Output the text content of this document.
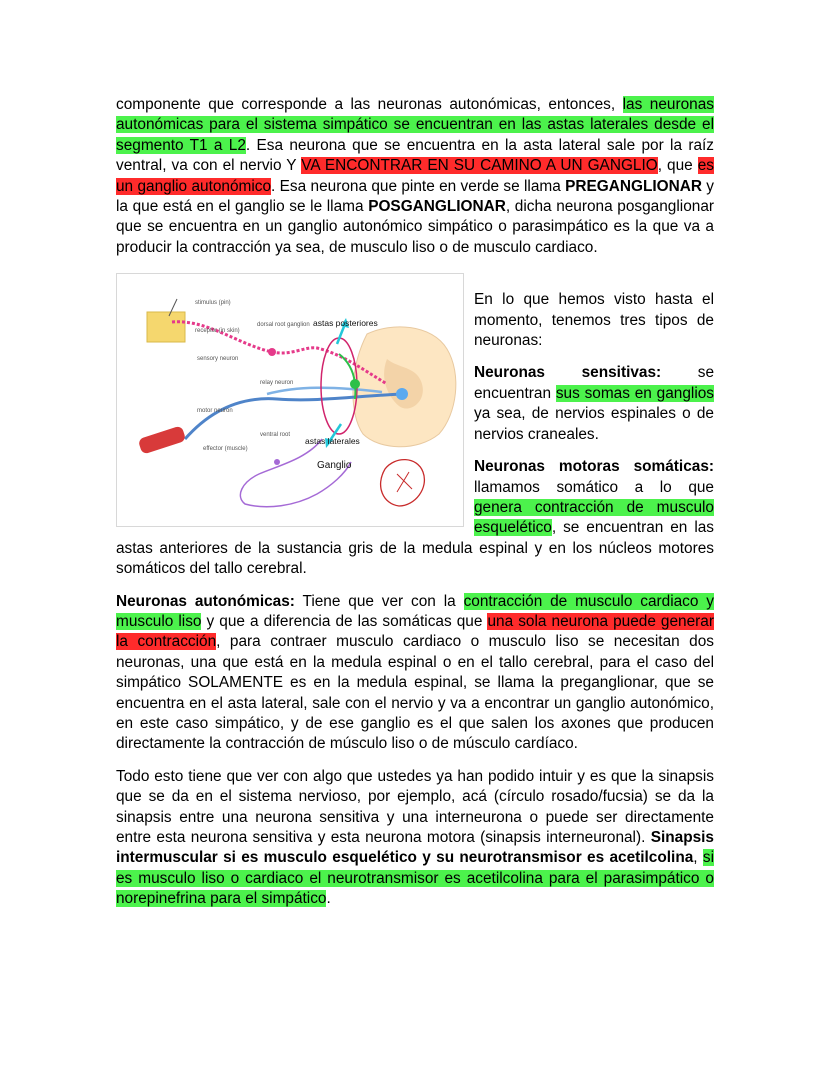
componente que corresponde a las neuronas autonómicas, entonces, las neuronas autonómicas para el sistema simpático se encuentran en las astas laterales desde el segmento T1 a L2. Esa neurona que se encuentra en la asta lateral sale por la raíz ventral, va con el nervio Y VA ENCONTRAR EN SU CAMINO A UN GANGLIO, que es un ganglio autonómico. Esa neurona que pinte en verde se llama PREGANGLIONAR y la que está en el ganglio se le llama POSGANGLIONAR, dicha neurona posganglionar que se encuentra en un ganglio autonómico simpático o parasimpático es la que va a producir la contracción ya sea, de musculo liso o de musculo cardiaco.

stimulus (pin)
receptor (in skin)
dorsal root ganglion astas posteriores
sensory neuron
relay neuron
motor neuron
ventral root
effector (muscle)
astas laterales
Ganglio

En lo que hemos visto hasta el momento, tenemos tres tipos de neuronas:

Neuronas sensitivas: se encuentran sus somas en ganglios ya sea, de nervios espinales o de nervios craneales.

Neuronas motoras somáticas: llamamos somático a lo que genera contracción de musculo esquelético, se encuentran en las astas anteriores de la sustancia gris de la medula espinal y en los núcleos motores somáticos del tallo cerebral.

Neuronas autonómicas: Tiene que ver con la contracción de musculo cardiaco y musculo liso y que a diferencia de las somáticas que una sola neurona puede generar la contracción, para contraer musculo cardiaco o musculo liso se necesitan dos neuronas, una que está en la medula espinal o en el tallo cerebral, para el caso del simpático SOLAMENTE es en la medula espinal, se llama la preganglionar, que se encuentra en el asta lateral, sale con el nervio y va a encontrar un ganglio autonómico, en este caso simpático, y de ese ganglio es el que salen los axones que producen directamente la contracción de músculo liso o de músculo cardíaco.

Todo esto tiene que ver con algo que ustedes ya han podido intuir y es que la sinapsis que se da en el sistema nervioso, por ejemplo, acá (círculo rosado/fucsia) se da la sinapsis entre una neurona sensitiva y una interneurona o puede ser directamente entre esta neurona sensitiva y esta neurona motora (sinapsis interneuronal). Sinapsis intermuscular si es musculo esquelético y su neurotransmisor es acetilcolina, si es musculo liso o cardiaco el neurotransmisor es acetilcolina para el parasimpático o norepinefrina para el simpático.
